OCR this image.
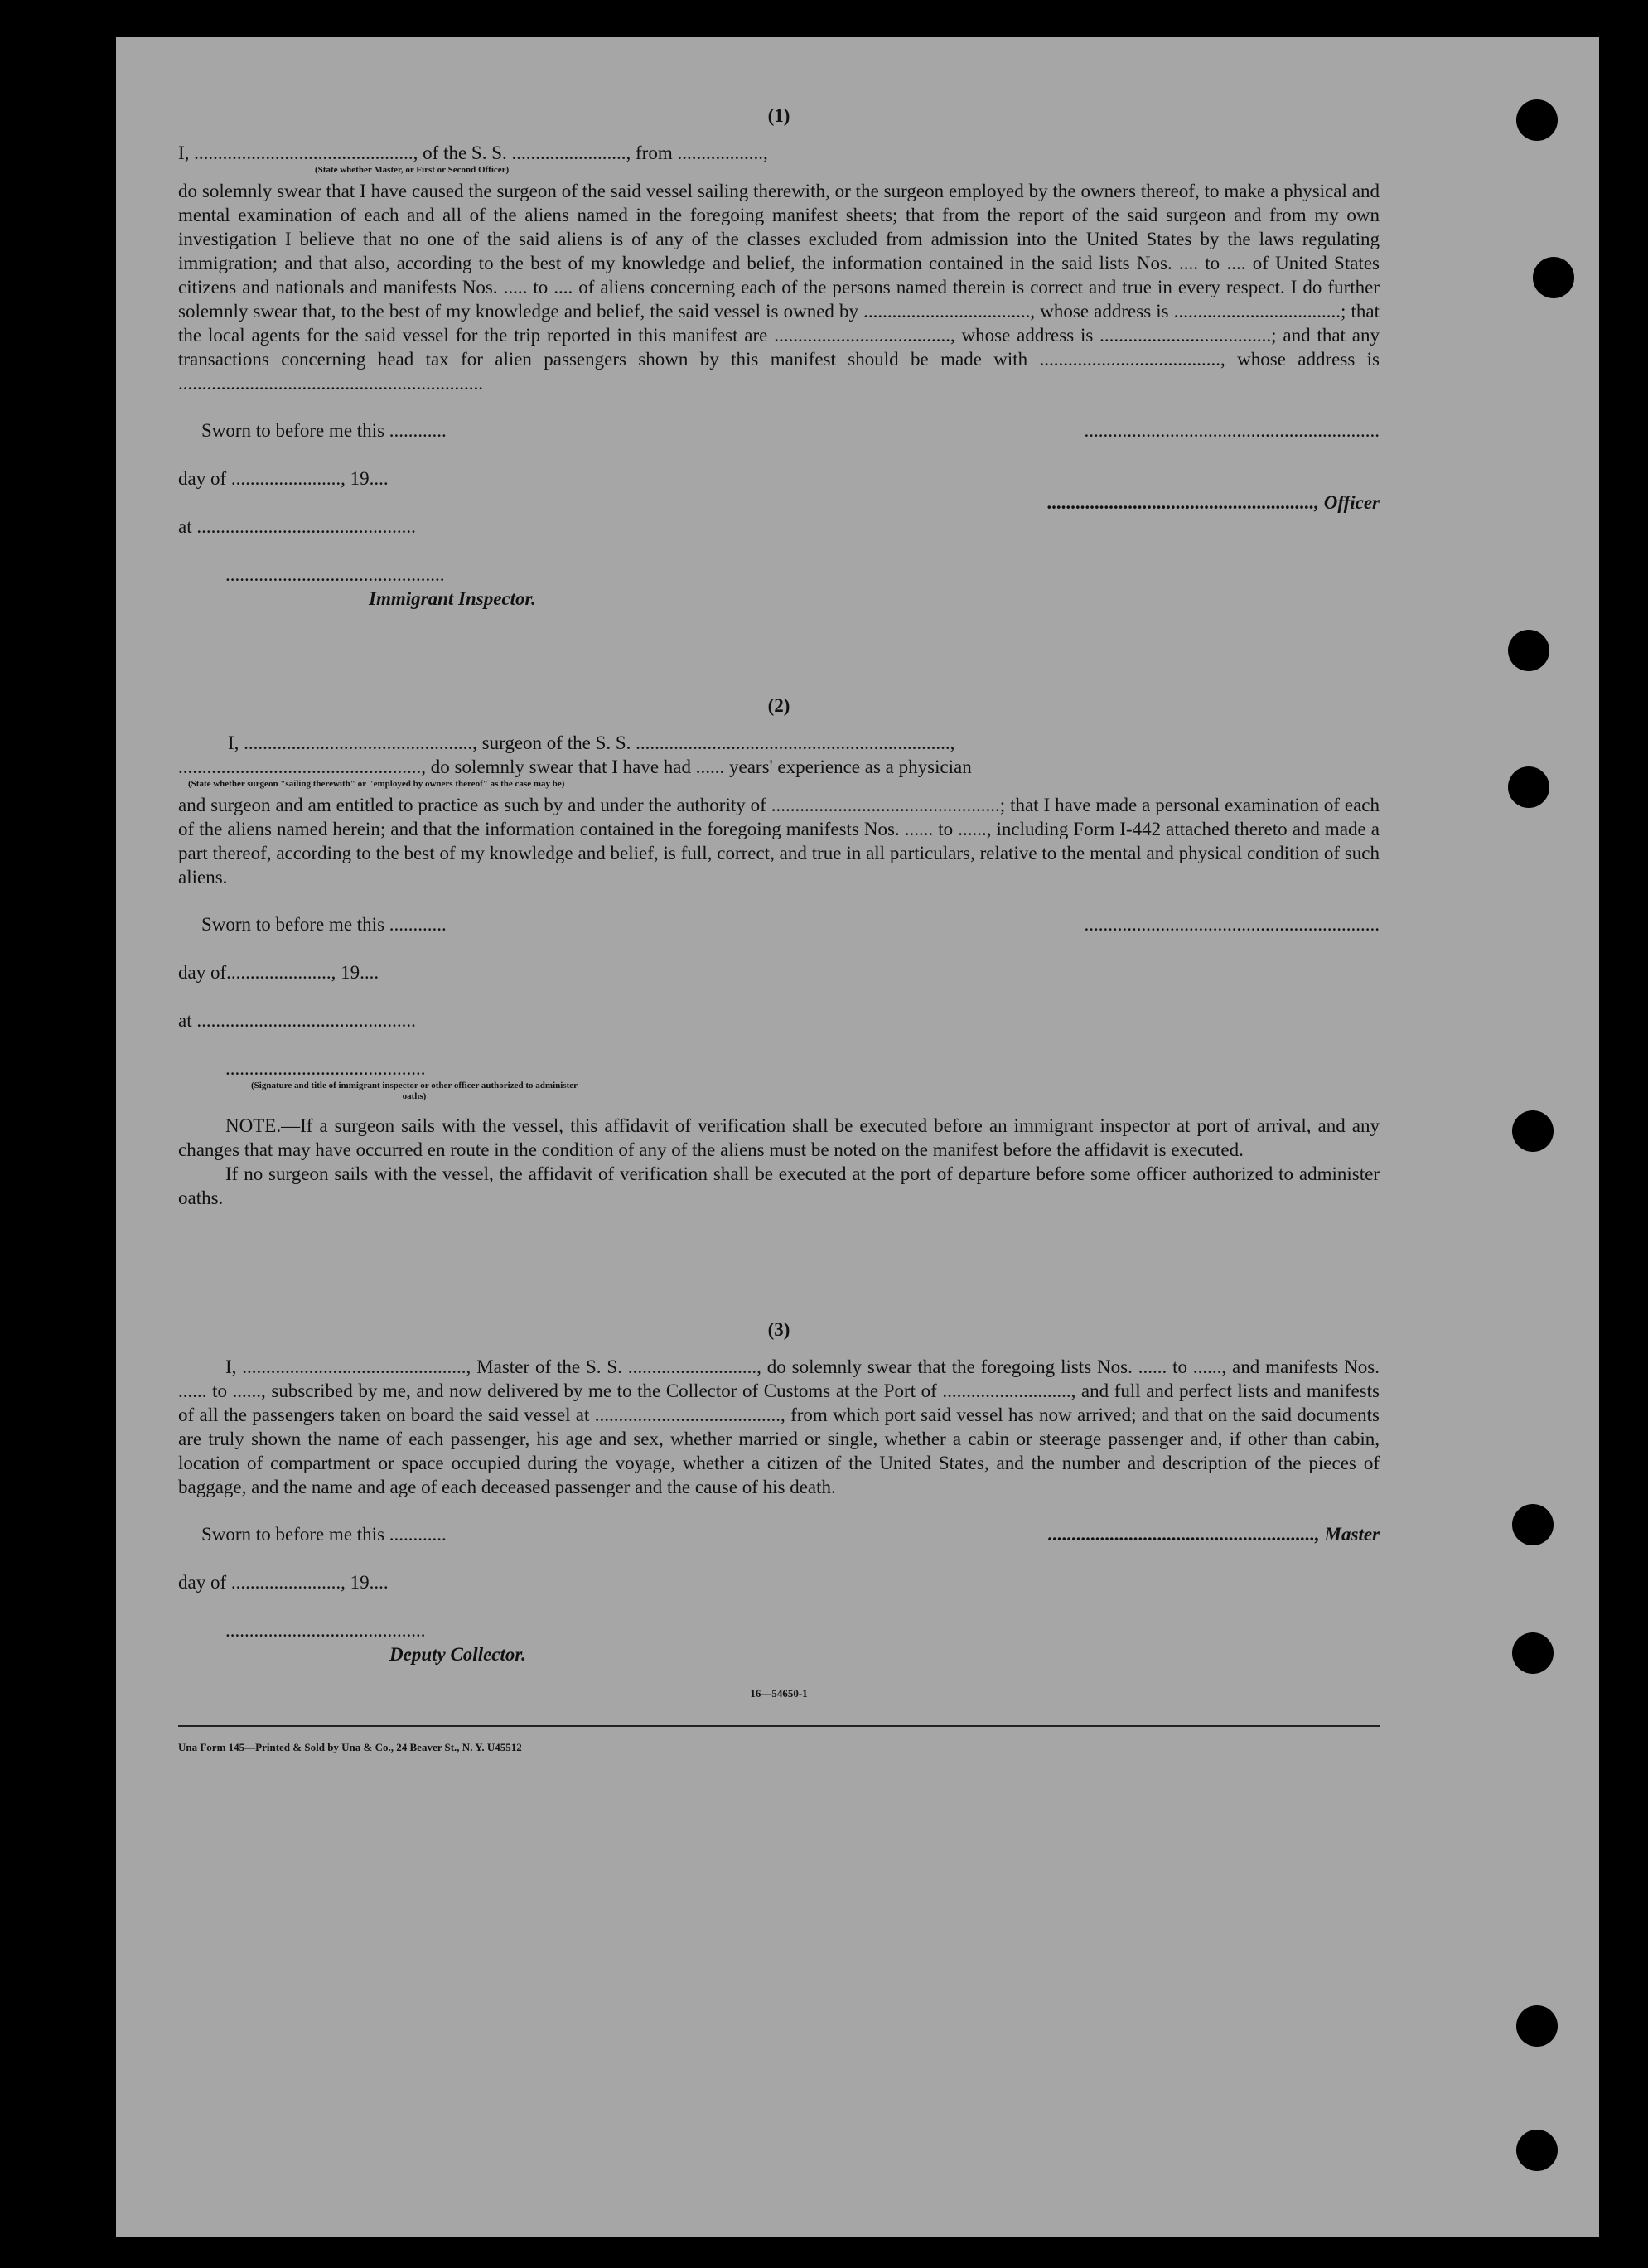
(1)

I, .............................................., of the S. S. ........................, from ..................,

(State whether Master, or First or Second Officer)

do solemnly swear that I have caused the surgeon of the said vessel sailing therewith, or the surgeon employed by the owners thereof, to make a physical and mental examination of each and all of the aliens named in the foregoing manifest sheets; that from the report of the said surgeon and from my own investigation I believe that no one of the said aliens is of any of the classes excluded from admission into the United States by the laws regulating immigration; and that also, according to the best of my knowledge and belief, the information contained in the said lists Nos. .... to .... of United States citizens and nationals and manifests Nos. ..... to .... of aliens concerning each of the persons named therein is correct and true in every respect. I do further solemnly swear that, to the best of my knowledge and belief, the said vessel is owned by ..................................., whose address is ...................................; that the local agents for the said vessel for the trip reported in this manifest are ....................................., whose address is ....................................; and that any transactions concerning head tax for alien passengers shown by this manifest should be made with ......................................, whose address is ................................................................

Sworn to before me this ............

day of ......................., 19....

at ..............................................

..............................................

Immigrant Inspector.

..............................................................

........................................................, Officer

(2)

I, ................................................, surgeon of the S. S. ..................................................................,

..................................................., do solemnly swear that I have had ...... years' experience as a physician

(State whether surgeon "sailing therewith" or "employed by owners thereof" as the case may be)

and surgeon and am entitled to practice as such by and under the authority of ................................................; that I have made a personal examination of each of the aliens named herein; and that the information contained in the foregoing manifests Nos. ...... to ......, including Form I-442 attached thereto and made a part thereof, according to the best of my knowledge and belief, is full, correct, and true in all particulars, relative to the mental and physical condition of such aliens.

Sworn to before me this ............

day of......................, 19....

at ..............................................

..........................................

(Signature and title of immigrant inspector or other officer authorized to administer oaths)

..............................................................

NOTE.—If a surgeon sails with the vessel, this affidavit of verification shall be executed before an immigrant inspector at port of arrival, and any changes that may have occurred en route in the condition of any of the aliens must be noted on the manifest before the affidavit is executed.

If no surgeon sails with the vessel, the affidavit of verification shall be executed at the port of departure before some officer authorized to administer oaths.

(3)

I, ..............................................., Master of the S. S. ..........................., do solemnly swear that the foregoing lists Nos. ...... to ......, and manifests Nos. ...... to ......, subscribed by me, and now delivered by me to the Collector of Customs at the Port of ..........................., and full and perfect lists and manifests of all the passengers taken on board the said vessel at ......................................., from which port said vessel has now arrived; and that on the said documents are truly shown the name of each passenger, his age and sex, whether married or single, whether a cabin or steerage passenger and, if other than cabin, location of compartment or space occupied during the voyage, whether a citizen of the United States, and the number and description of the pieces of baggage, and the name and age of each deceased passenger and the cause of his death.

Sworn to before me this ............

day of ......................., 19....

..........................................

Deputy Collector.

........................................................, Master

16—54650-1

Una Form 145—Printed & Sold by Una & Co., 24 Beaver St., N. Y. U45512
